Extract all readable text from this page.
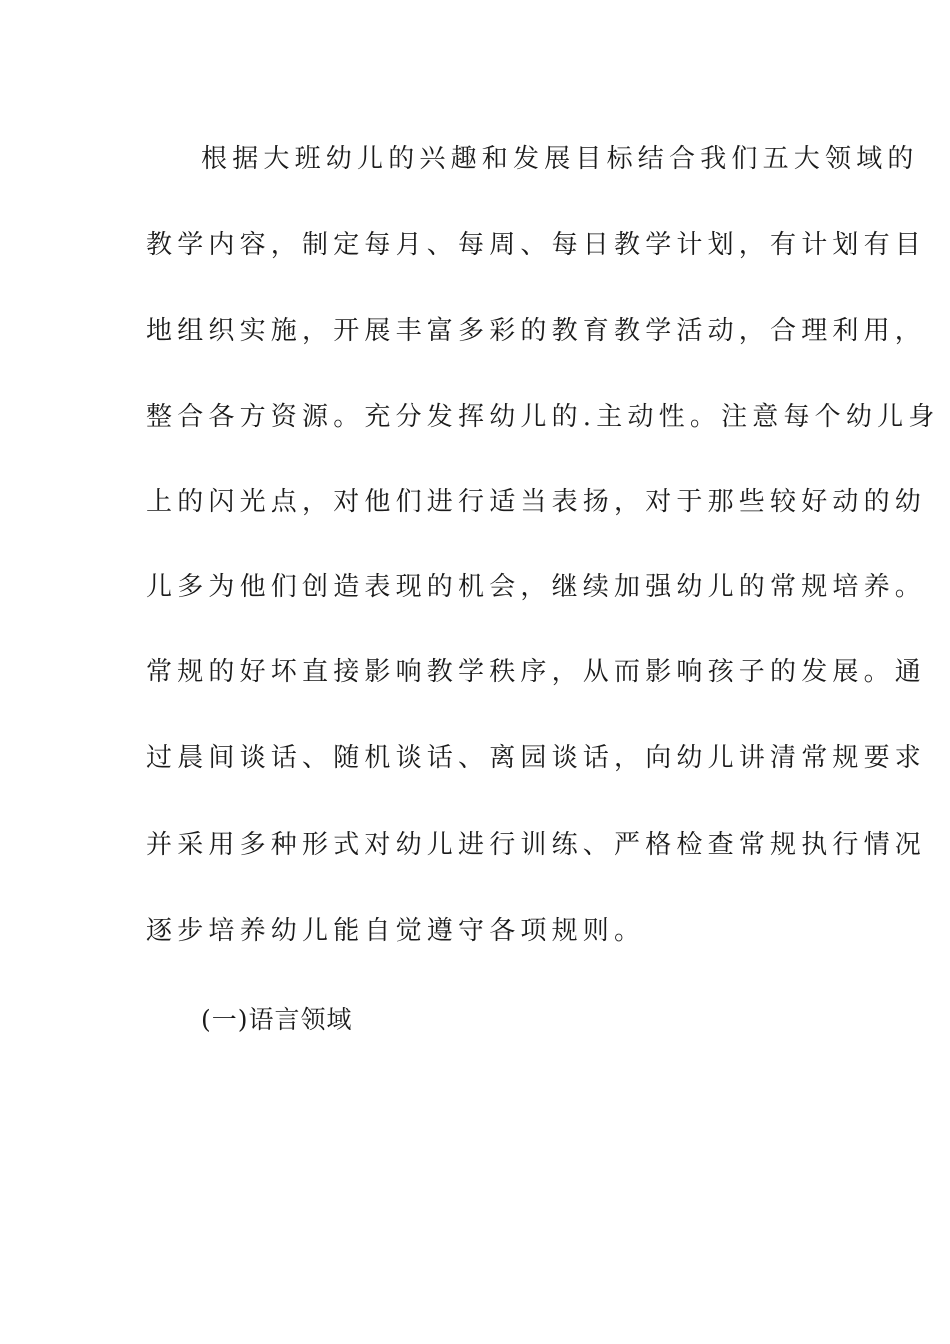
根据大班幼儿的兴趣和发展目标结合我们五大领域的
教学内容，制定每月、每周、每日教学计划，有计划有目
地组织实施，开展丰富多彩的教育教学活动，合理利用，
整合各方资源。充分发挥幼儿的.主动性。注意每个幼儿身
上的闪光点，对他们进行适当表扬，对于那些较好动的幼
儿多为他们创造表现的机会，继续加强幼儿的常规培养。
常规的好坏直接影响教学秩序，从而影响孩子的发展。通
过晨间谈话、随机谈话、离园谈话，向幼儿讲清常规要求
并采用多种形式对幼儿进行训练、严格检查常规执行情况
逐步培养幼儿能自觉遵守各项规则。
(一)语言领域
